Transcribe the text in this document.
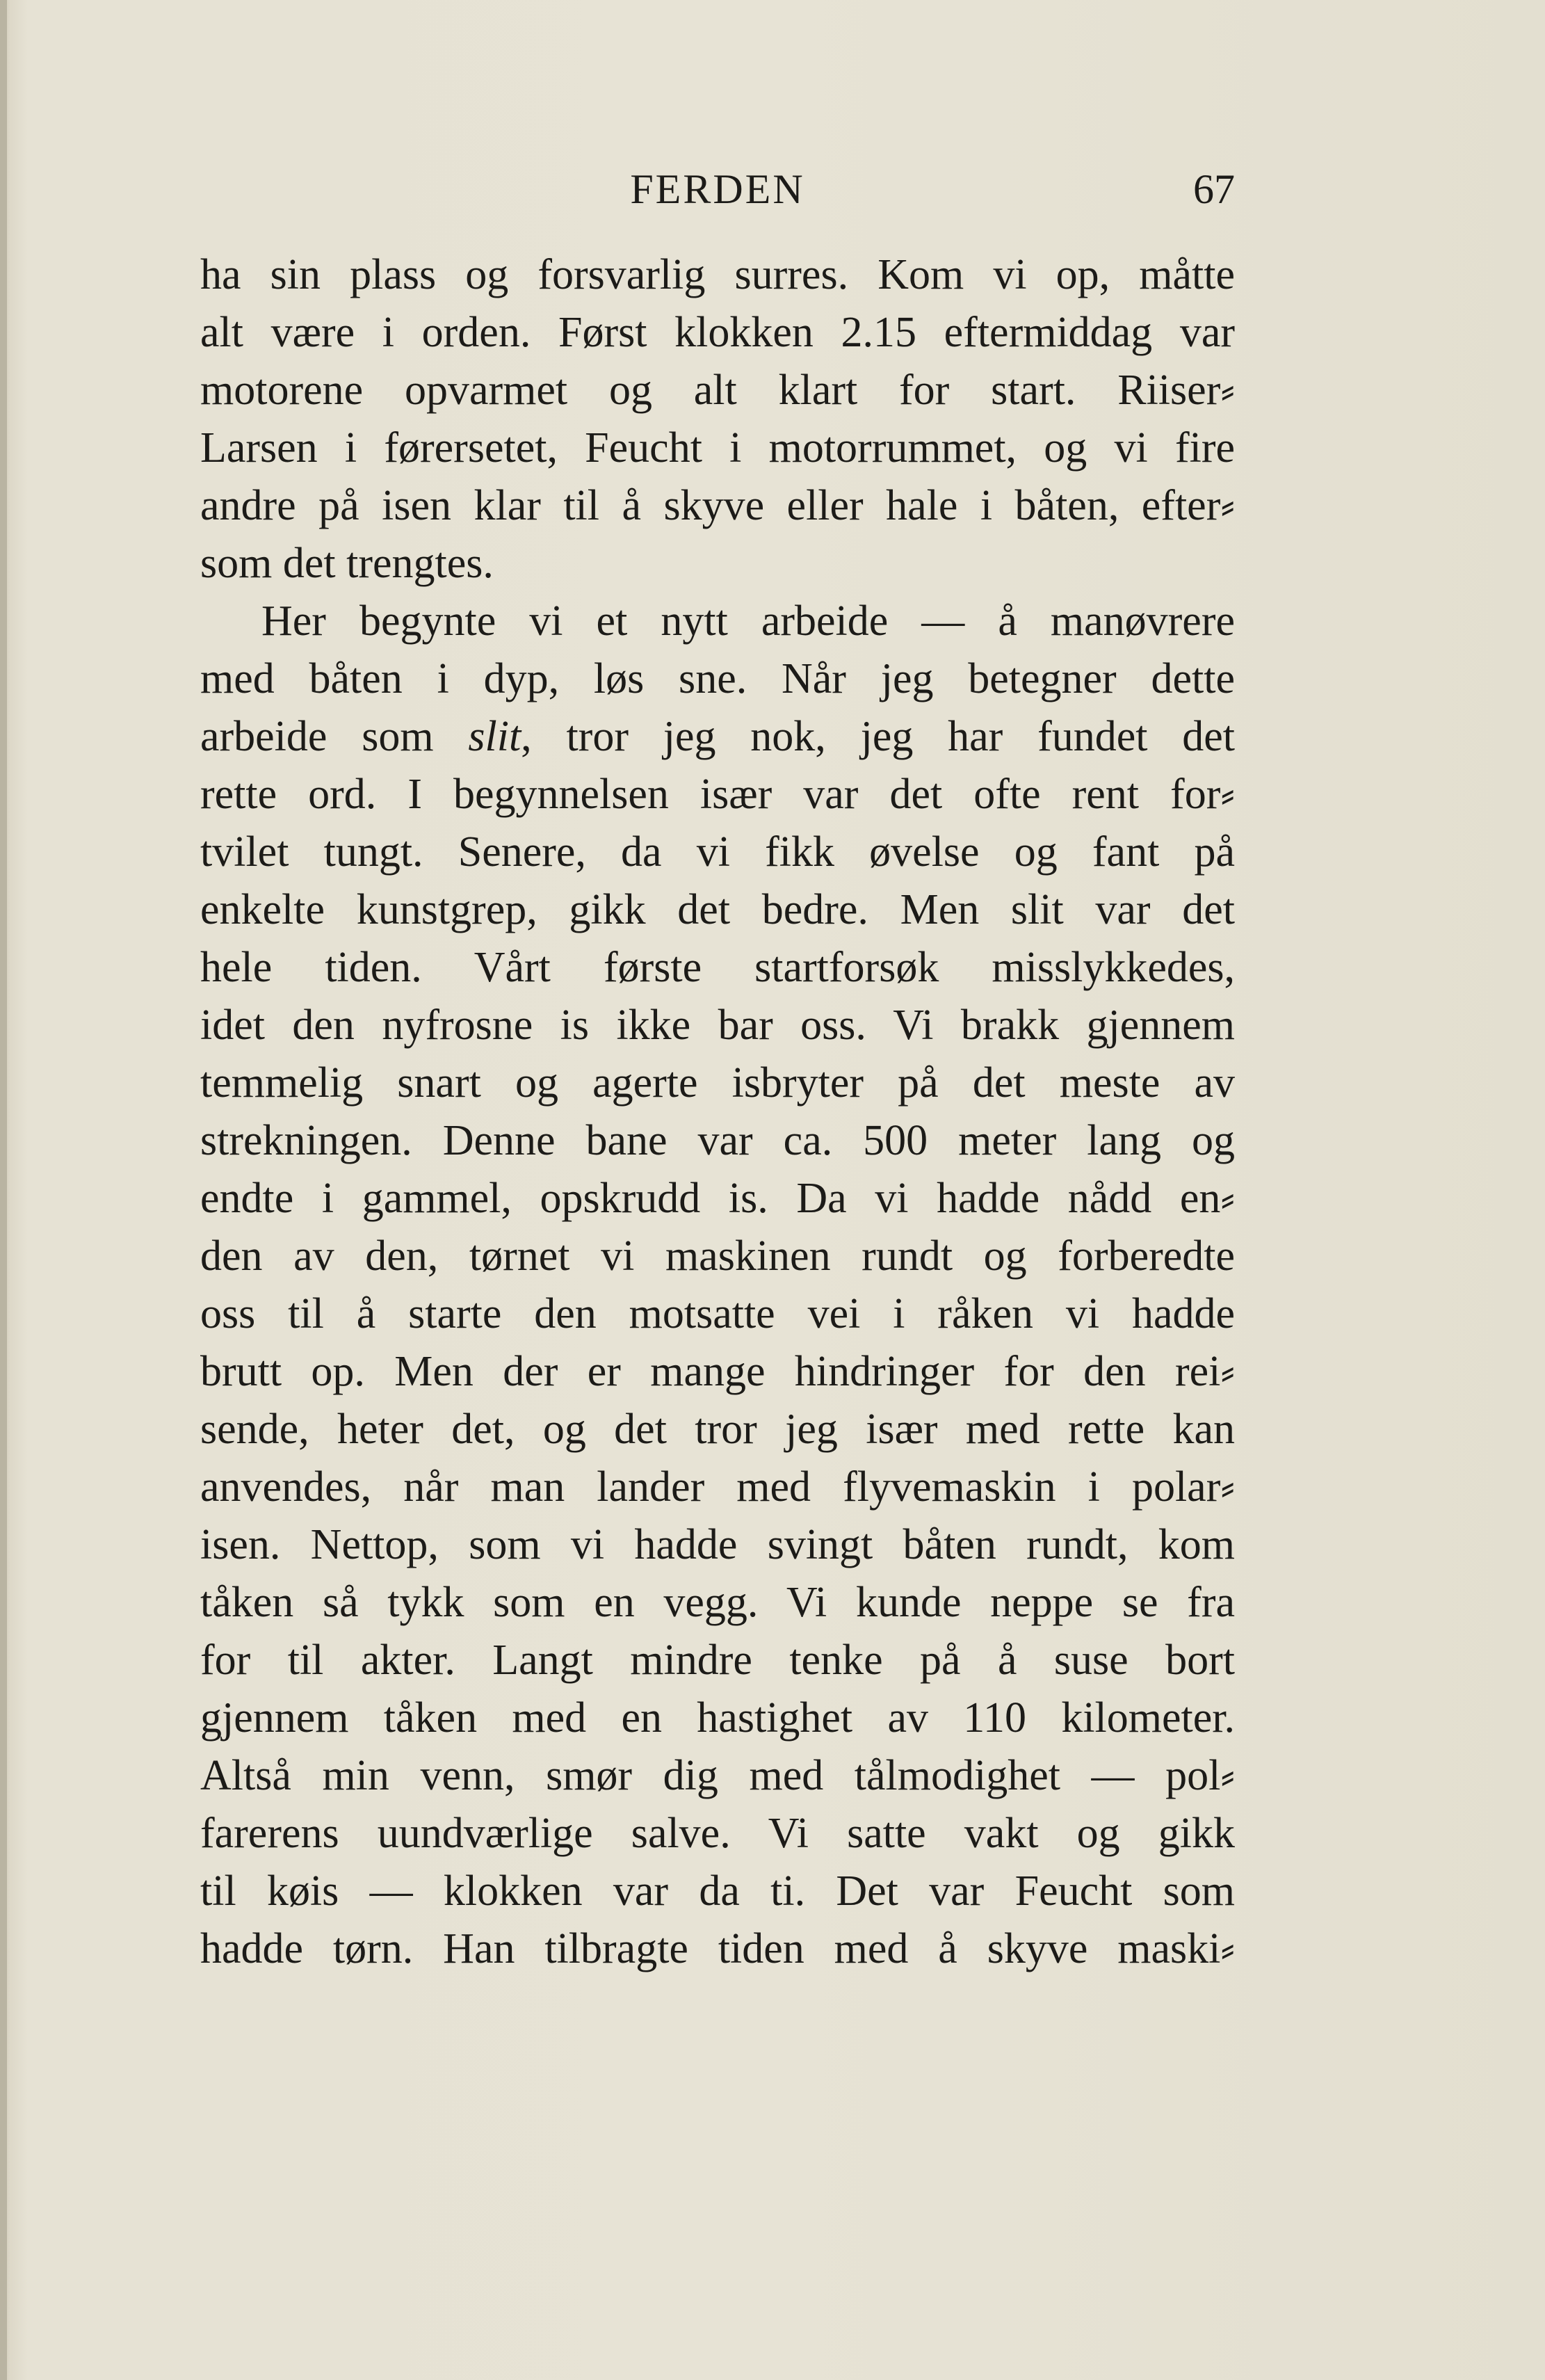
FERDEN	67
ha sin plass og forsvarlig surres. Kom vi op, måtte
alt være i orden. Først klokken 2.15 eftermiddag var
motorene opvarmet og alt klart for start. Riiser⸗
Larsen i førersetet, Feucht i motorrummet, og vi fire
andre på isen klar til å skyve eller hale i båten, efter⸗
som det trengtes.
Her begynte vi et nytt arbeide — å manøvrere
med båten i dyp, løs sne. Når jeg betegner dette
arbeide som slit, tror jeg nok, jeg har fundet det
rette ord. I begynnelsen især var det ofte rent for⸗
tvilet tungt. Senere, da vi fikk øvelse og fant på
enkelte kunstgrep, gikk det bedre. Men slit var det
hele tiden. Vårt første startforsøk misslykkedes,
idet den nyfrosne is ikke bar oss. Vi brakk gjennem
temmelig snart og agerte isbryter på det meste av
strekningen. Denne bane var ca. 500 meter lang og
endte i gammel, opskrudd is. Da vi hadde nådd en⸗
den av den, tørnet vi maskinen rundt og forberedte
oss til å starte den motsatte vei i råken vi hadde
brutt op. Men der er mange hindringer for den rei⸗
sende, heter det, og det tror jeg især med rette kan
anvendes, når man lander med flyvemaskin i polar⸗
isen. Nettop, som vi hadde svingt båten rundt, kom
tåken så tykk som en vegg. Vi kunde neppe se fra
for til akter. Langt mindre tenke på å suse bort
gjennem tåken med en hastighet av 110 kilometer.
Altså min venn, smør dig med tålmodighet — pol⸗
farerens uundværlige salve. Vi satte vakt og gikk
til køis — klokken var da ti. Det var Feucht som
hadde tørn. Han tilbragte tiden med å skyve maski⸗
